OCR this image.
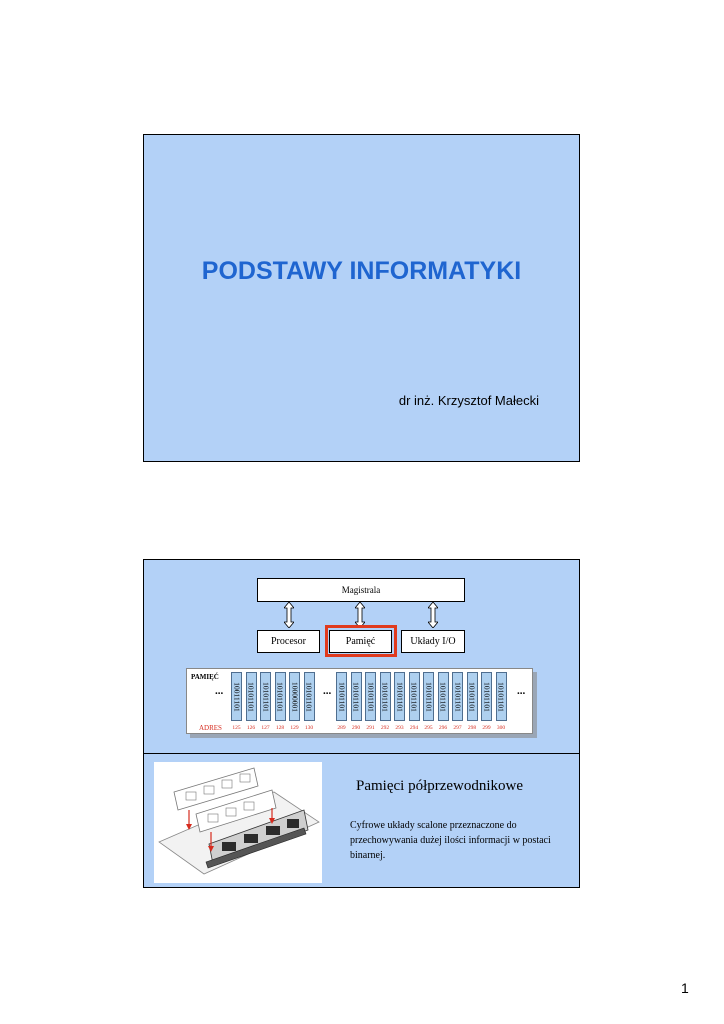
PODSTAWY INFORMATYKI
dr inż. Krzysztof Małecki
Magistrala
Procesor	Pamięć	Układy I/O
PAMIĘĆ
ADRES
...	...	...
10011101 10101101 10101101 10101101 10000001 10101101
125	126	127	128	129	130
10101101 10101101 10101101 10101101 10101101 10101101 10101101 10101101 10101101 10101101 10101101 10101101
289	290	291	292	293	294	295	296	297	298	299	300
Pamięci półprzewodnikowe
Cyfrowe układy scalone przeznaczone do przechowywania dużej ilości informacji w postaci binarnej.
1
